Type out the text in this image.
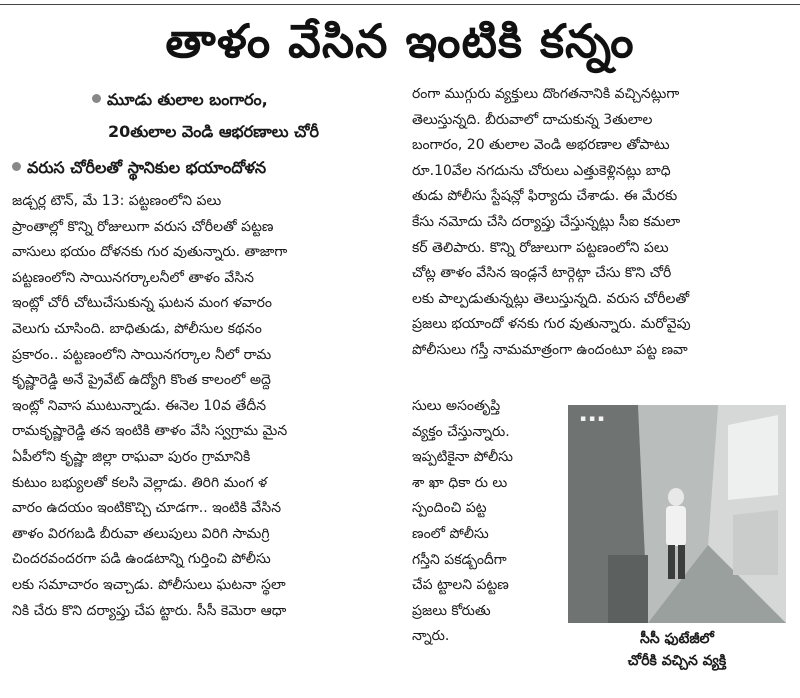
తాళం వేసిన ఇంటికి కన్నం
మూడు తులాల బంగారం,
20తులాల వెండి ఆభరణాలు చోరీ
వరుస చోరీలతో స్థానికుల భయాందోళన
జడ్చర్ల టౌన్, మే 13: పట్టణంలోని పలు
ప్రాంతాల్లో కొన్ని రోజులుగా వరుస చోరీలతో పట్టణ
వాసులు భయం దోళనకు గుర వుతున్నారు. తాజాగా
పట్టణంలోని సాయినగర్కాలనీలో తాళం వేసిన
ఇంట్లో చోరీ చోటుచేసుకున్న ఘటన మంగ ళవారం
వెలుగు చూసింది. బాధితుడు, పోలీసుల కథనం
ప్రకారం.. పట్టణంలోని సాయినగర్కాల నీలో రామ
కృష్ణారెడ్డి అనే ప్రైవేట్ ఉద్యోగి కొంత కాలంలో అద్దె
ఇంట్లో నివాస ముటున్నాడు. ఈనెల 10వ తేదీన
రామకృష్ణారెడ్డి తన ఇంటికి తాళం వేసి స్వగ్రామ మైన
ఏపీలోని కృష్ణా జిల్లా రాఘవా పురం గ్రామానికి
కుటుం బభ్యులతో కలసి వెల్లాడు. తిరిగి మంగ ళ
వారం ఉదయం ఇంటికొచ్చి చూడగా.. ఇంటికి వేసిన
తాళం విరగబడి బీరువా తలుపులు విరిగి సామగ్రి
చిందరవందరగా పడి ఉండటాన్ని గుర్తించి పోలీసు
లకు సమాచారం ఇచ్చాడు. పోలీసులు ఘటనా స్థలా
నికి చేరు కొని దర్యాప్తు చేప ట్టారు. సీసీ కెమెరా ఆధా
రంగా ముగ్గురు వ్యక్తులు దొంగతనానికి వచ్చినట్లుగా
తెలుస్తున్నది. బీరువాలో దాచుకున్న 3తులాల
బంగారం, 20 తులాల వెండి అభరణాల తోపాటు
రూ.10వేల నగదును చోరులు ఎత్తుకెళ్లినట్లు బాధి
తుడు పోలీసు స్టేషన్లో ఫిర్యాదు చేశాడు. ఈ మేరకు
కేసు నమోదు చేసి దర్యాప్తు చేస్తున్నట్లు సీఐ కమలా
కర్ తెలిపారు. కొన్ని రోజులుగా పట్టణంలోని పలు
చోట్ల తాళం వేసిన ఇండ్లనే టార్గెట్గా చేసు కొని చోరీ
లకు పాల్పడుతున్నట్లు తెలుస్తున్నది. వరుస చోరీలతో
ప్రజలు భయాందో ళనకు గుర వుతున్నారు. మరోవైపు
పోలీసులు గస్తీ నామమాత్రంగా ఉందంటూ పట్ట ణవా
సులు అసంతృప్తి
వ్యక్తం చేస్తున్నారు.
ఇప్పటికైనా పోలీసు
శా ఖా ధికా రు లు
స్పందించి పట్ట
ణంలో పోలీసు
గస్తీని పకడ్బందీగా
చేప ట్టాలని పట్టణ
ప్రజలు కోరుతు
న్నారు.
▪ ▪ ▪
సీసీ ఫుటేజీలో
చోరీకి వచ్చిన వ్యక్తి
